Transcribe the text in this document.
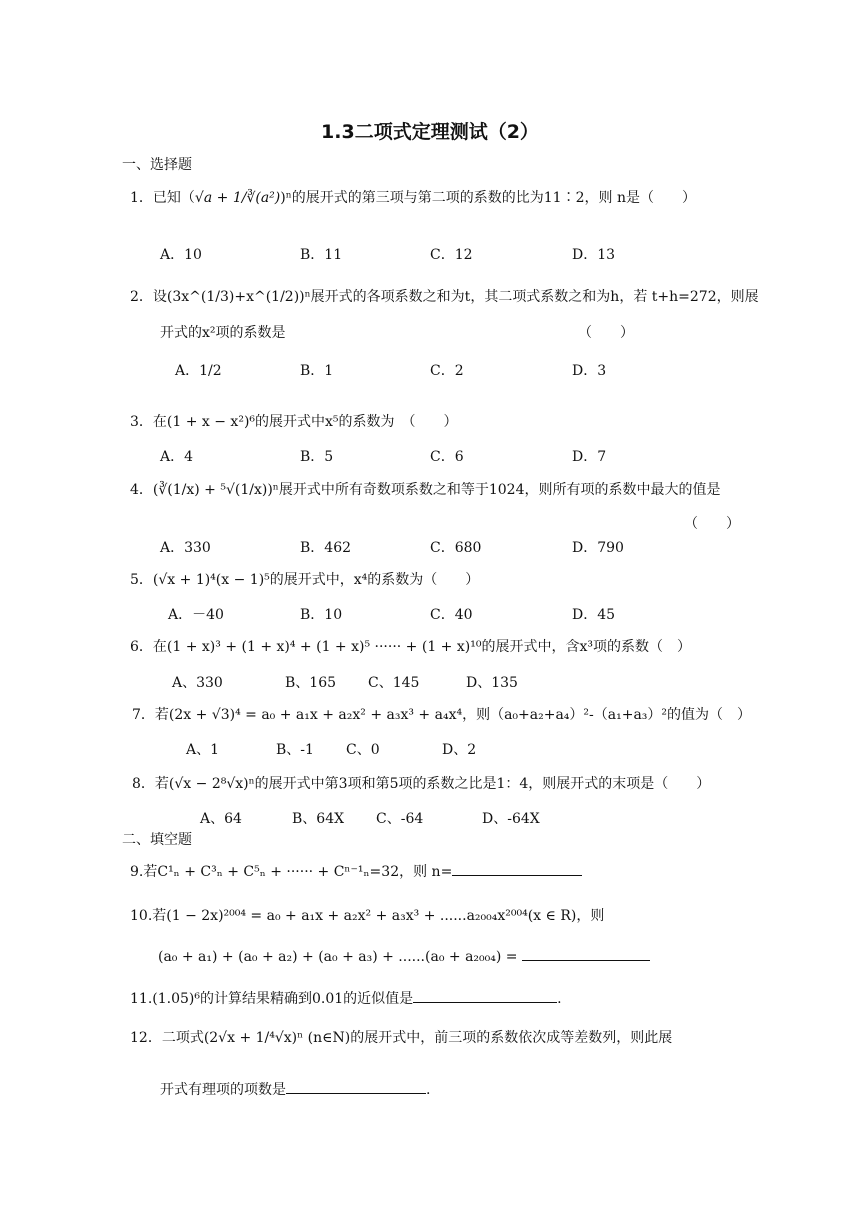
1.3二项式定理测试（2）
一、选择题
1．已知（√a + 1/∛(a²))ⁿ的展开式的第三项与第二项的系数的比为11∶2，则 n是（　　）
A．10	B．11	C．12	D．13
2．设(3x^(1/3)+x^(1/2))ⁿ展开式的各项系数之和为t，其二项式系数之和为h，若 t+h=272，则展
开式的x²项的系数是	（　　）
A．1/2	B．1	C．2	D．3
3．在(1 + x − x²)⁶的展开式中x⁵的系数为　（　　）
A．4	B．5	C．6	D．7
4．(∛(1/x) + ⁵√(1/x))ⁿ展开式中所有奇数项系数之和等于1024，则所有项的系数中最大的值是
（　　）
A．330	B．462	C．680	D．790
5．(√x + 1)⁴(x − 1)⁵的展开式中，x⁴的系数为（　　）
A．－40	B．10	C．40	D．45
6．在(1 + x)³ + (1 + x)⁴ + (1 + x)⁵ ······ + (1 + x)¹⁰的展开式中，含x³项的系数（　）
A、330	B、165 C、145	D、135
7．若(2x + √3)⁴ = a₀ + a₁x + a₂x² + a₃x³ + a₄x⁴，则（a₀+a₂+a₄）²-（a₁+a₃）²的值为（　）
A、1	B、-1 C、0	D、2
8．若(√x − 2⁸√x)ⁿ的展开式中第3项和第5项的系数之比是1：4，则展开式的末项是（　　）
A、64	B、64X C、-64	D、-64X
二、填空题
9.若C¹ₙ + C³ₙ + C⁵ₙ + ······ + Cⁿ⁻¹ₙ=32，则 n=
10.若(1 − 2x)²⁰⁰⁴ = a₀ + a₁x + a₂x² + a₃x³ + ......a₂₀₀₄x²⁰⁰⁴(x ∈ R)，则
(a₀ + a₁) + (a₀ + a₂) + (a₀ + a₃) + ......(a₀ + a₂₀₀₄) =
11.(1.05)⁶的计算结果精确到0.01的近似值是	.
12．二项式(2√x + 1/⁴√x)ⁿ (n∈N)的展开式中，前三项的系数依次成等差数列，则此展
开式有理项的项数是	.
